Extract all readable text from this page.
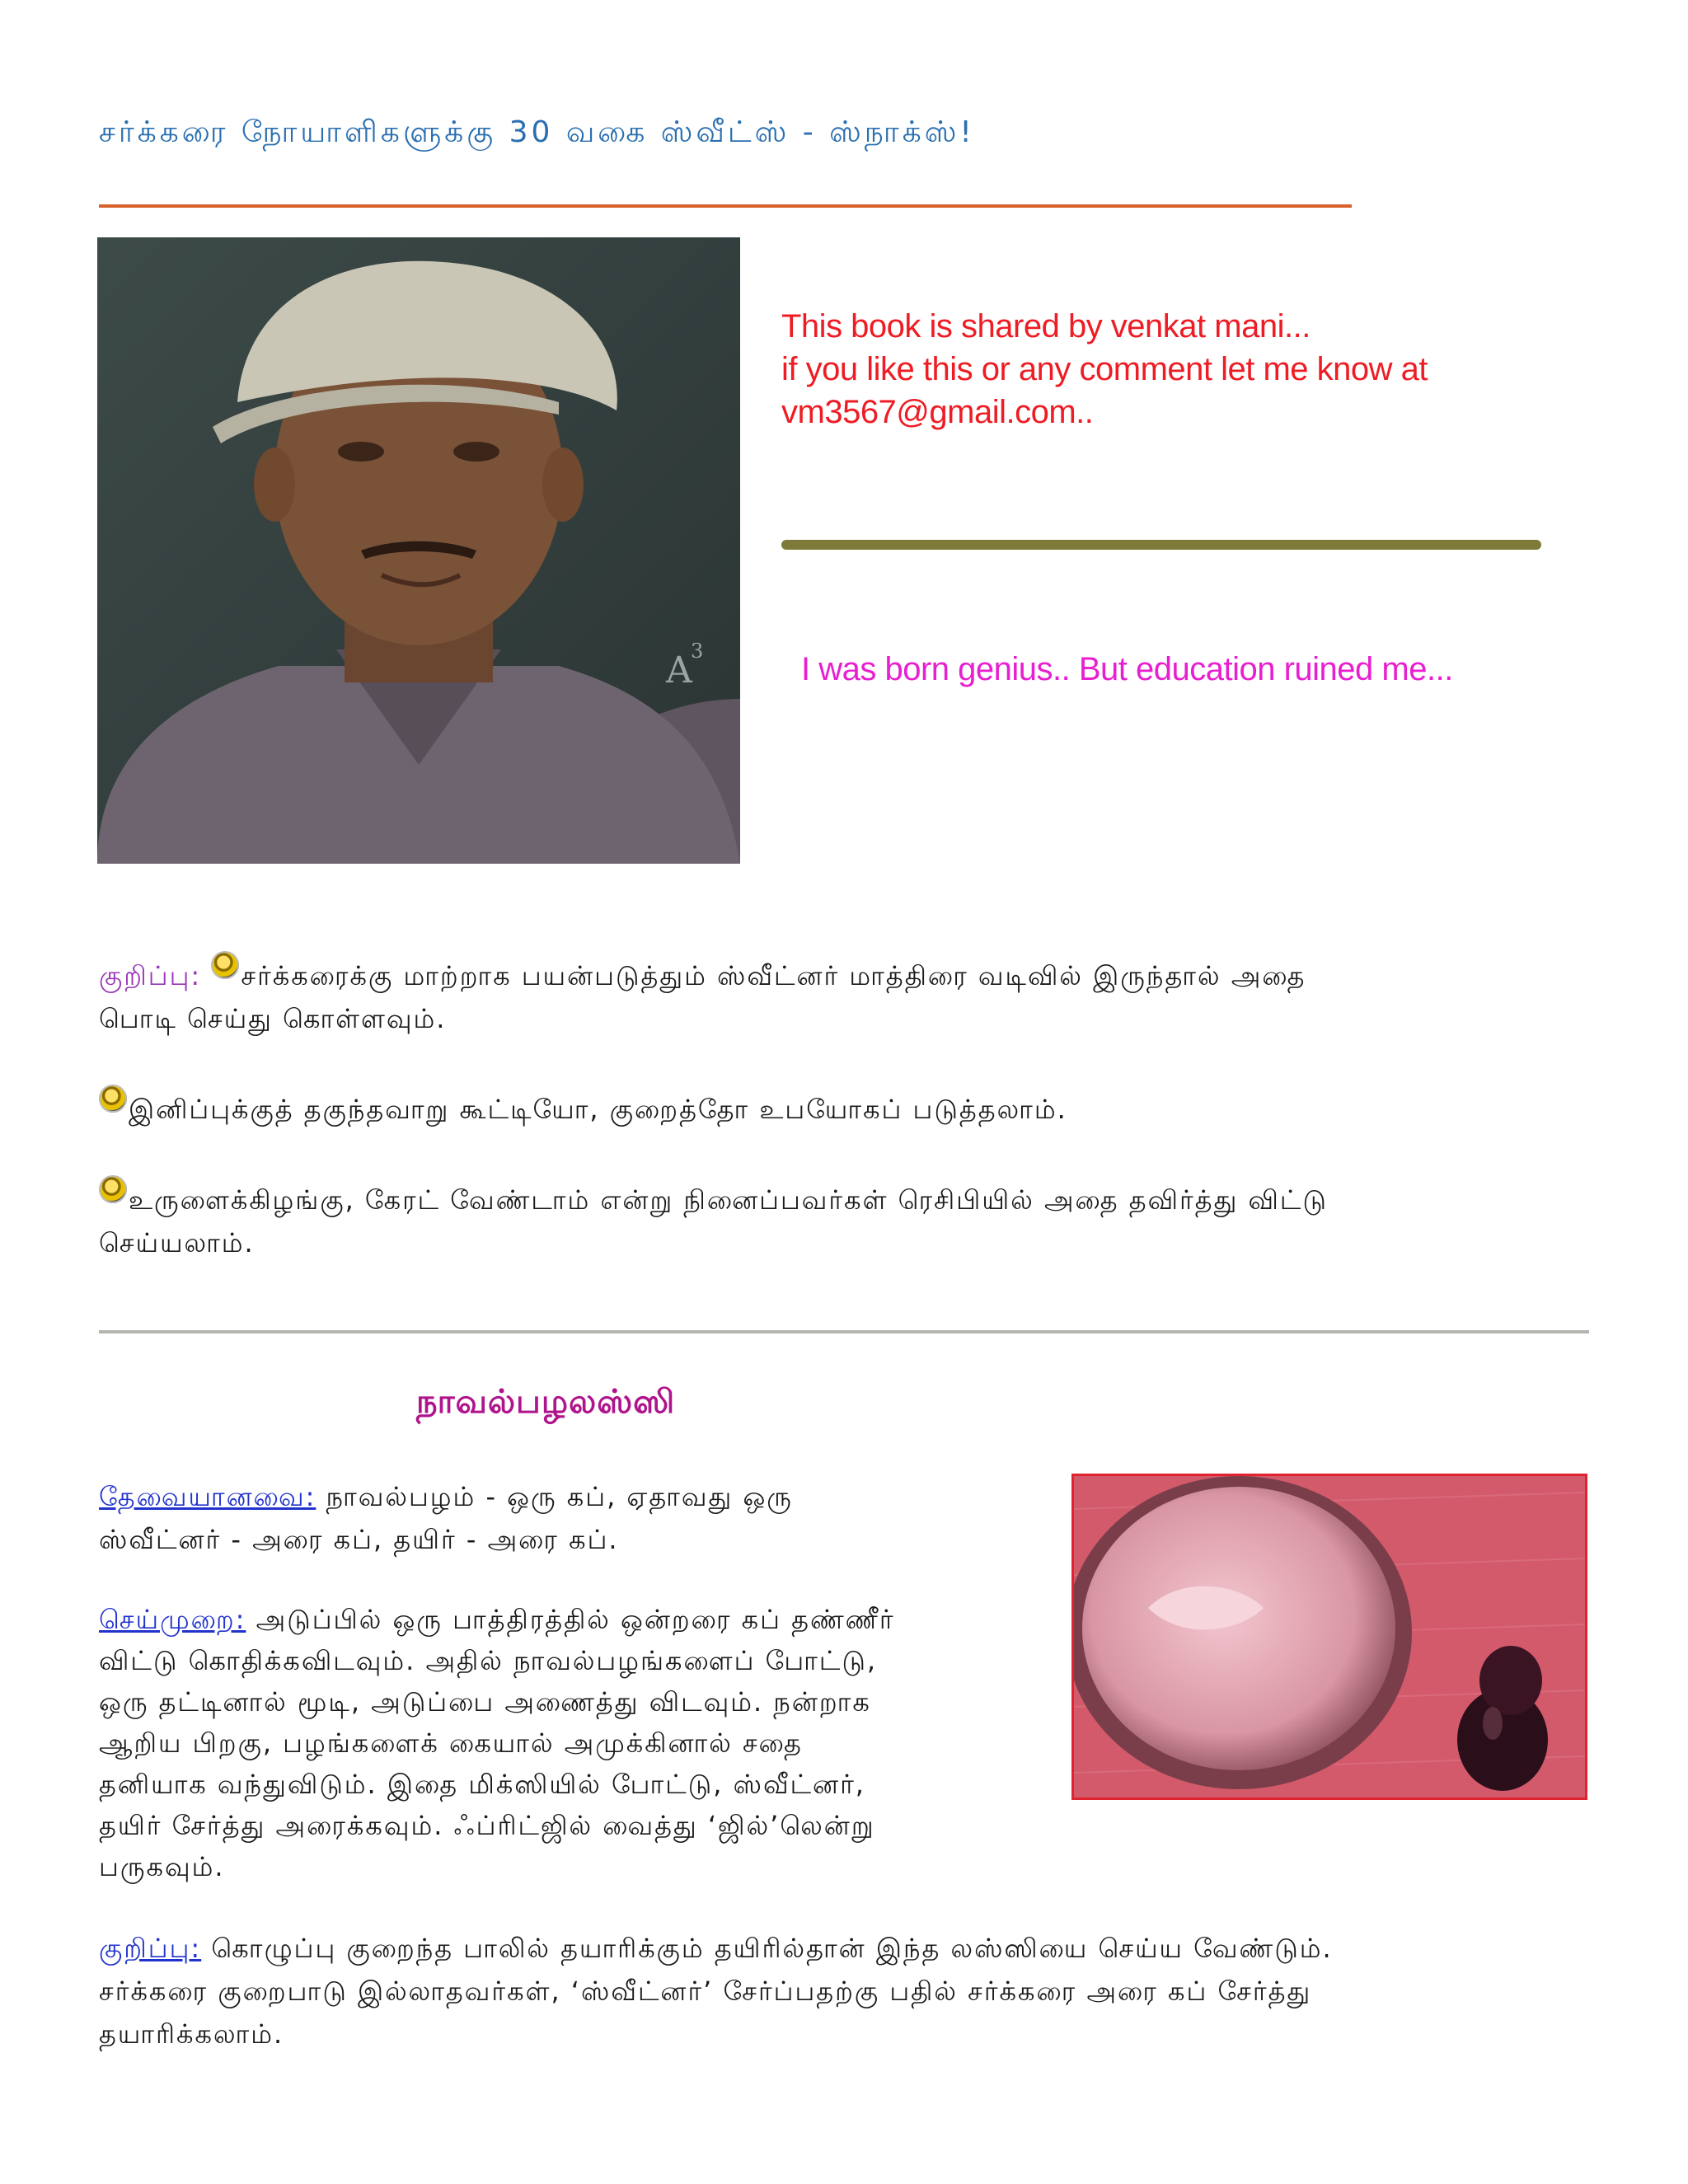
சர்க்கரை நோயாளிகளுக்கு 30 வகை ஸ்வீட்ஸ் - ஸ்நாக்ஸ்!
A
3
This book is shared by venkat mani...
if you like this or any comment let me know at
vm3567@gmail.com..
I was born genius.. But education ruined me...
குறிப்பு: சர்க்கரைக்கு மாற்றாக பயன்படுத்தும் ஸ்வீட்னர் மாத்திரை வடிவில் இருந்தால் அதை
பொடி செய்து கொள்ளவும்.
இனிப்புக்குத் தகுந்தவாறு கூட்டியோ, குறைத்தோ உபயோகப் படுத்தலாம்.
உருளைக்கிழங்கு, கேரட் வேண்டாம் என்று நினைப்பவர்கள் ரெசிபியில் அதை தவிர்த்து விட்டு
செய்யலாம்.
நாவல்பழலஸ்ஸி
தேவையானவை: நாவல்பழம் - ஒரு கப், ஏதாவது ஒரு
ஸ்வீட்னர் - அரை கப், தயிர் - அரை கப்.
செய்முறை: அடுப்பில் ஒரு பாத்திரத்தில் ஒன்றரை கப் தண்ணீர்
விட்டு கொதிக்கவிடவும். அதில் நாவல்பழங்களைப் போட்டு,
ஒரு தட்டினால் மூடி, அடுப்பை அணைத்து விடவும். நன்றாக
ஆறிய பிறகு, பழங்களைக் கையால் அமுக்கினால் சதை
தனியாக வந்துவிடும். இதை மிக்ஸியில் போட்டு, ஸ்வீட்னர்,
தயிர் சேர்த்து அரைக்கவும். ஃப்ரிட்ஜில் வைத்து ‘ஜில்’லென்று
பருகவும்.
குறிப்பு: கொழுப்பு குறைந்த பாலில் தயாரிக்கும் தயிரில்தான் இந்த லஸ்ஸியை செய்ய வேண்டும்.
சர்க்கரை குறைபாடு இல்லாதவர்கள், ‘ஸ்வீட்னர்’ சேர்ப்பதற்கு பதில் சர்க்கரை அரை கப் சேர்த்து
தயாரிக்கலாம்.
